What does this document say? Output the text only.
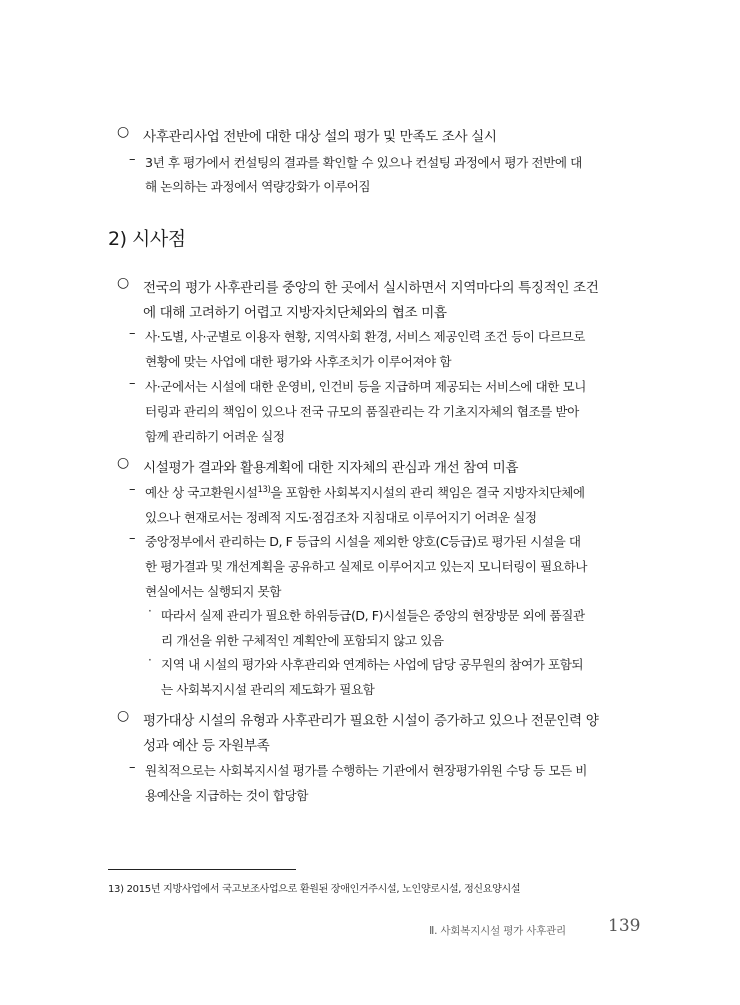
○ 사후관리사업 전반에 대한 대상 설의 평가 및 만족도 조사 실시
– 3년 후 평가에서 컨설팅의 결과를 확인할 수 있으나 컨설팅 과정에서 평가 전반에 대
해 논의하는 과정에서 역량강화가 이루어짐
2) 시사점
○ 전국의 평가 사후관리를 중앙의 한 곳에서 실시하면서 지역마다의 특징적인 조건
에 대해 고려하기 어렵고 지방자치단체와의 협조 미흡
– 사·도별, 사·군별로 이용자 현황, 지역사회 환경, 서비스 제공인력 조건 등이 다르므로
현황에 맞는 사업에 대한 평가와 사후조치가 이루어져야 함
– 사·군에서는 시설에 대한 운영비, 인건비 등을 지급하며 제공되는 서비스에 대한 모니
터링과 관리의 책임이 있으나 전국 규모의 품질관리는 각 기초지자체의 협조를 받아
함께 관리하기 어려운 실정
○ 시설평가 결과와 활용계획에 대한 지자체의 관심과 개선 참여 미흡
– 예산 상 국고환원시설$^{13)}$을 포함한 사회복지시설의 관리 책임은 결국 지방자치단체에
있으나 현재로서는 정례적 지도·점검조차 지침대로 이루어지기 어려운 실정
– 중앙정부에서 관리하는 D, F 등급의 시설을 제외한 양호(C등급)로 평가된 시설을 대
한 평가결과 및 개선계획을 공유하고 실제로 이루어지고 있는지 모니터링이 필요하나
현실에서는 실행되지 못함
· 따라서 실제 관리가 필요한 하위등급(D, F)시설들은 중앙의 현장방문 외에 품질관
리 개선을 위한 구체적인 계획안에 포함되지 않고 있음
· 지역 내 시설의 평가와 사후관리와 연계하는 사업에 담당 공무원의 참여가 포함되
는 사회복지시설 관리의 제도화가 필요함
○ 평가대상 시설의 유형과 사후관리가 필요한 시설이 증가하고 있으나 전문인력 양
성과 예산 등 자원부족
– 원칙적으로는 사회복지시설 평가를 수행하는 기관에서 현장평가위원 수당 등 모든 비
용예산을 지급하는 것이 합당함
13) 2015년 지방사업에서 국고보조사업으로 환원된 장애인거주시설, 노인양로시설, 정신요양시설
Ⅱ. 사회복지시설 평가 사후관리 139
